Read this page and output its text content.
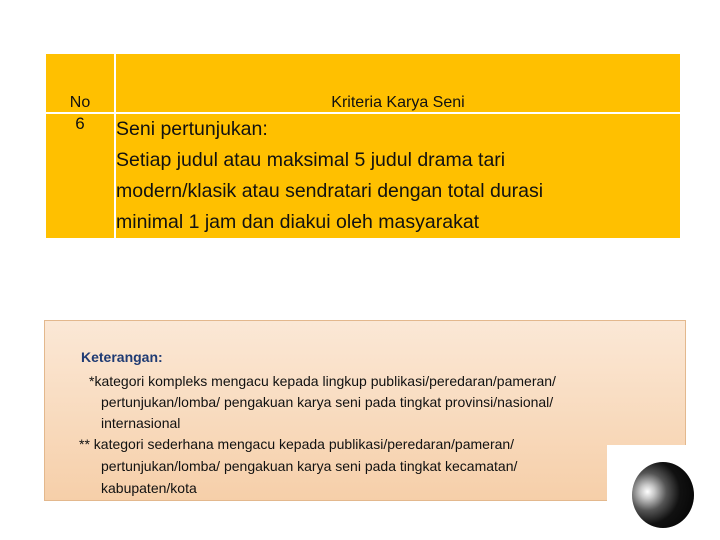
No	Kriteria Karya Seni
6	Seni pertunjukan:
Setiap judul atau maksimal 5 judul drama tari
modern/klasik atau sendratari dengan total durasi
minimal 1 jam dan diakui oleh masyarakat
Keterangan:
*kategori kompleks mengacu kepada lingkup publikasi/peredaran/pameran/
pertunjukan/lomba/ pengakuan karya seni pada tingkat provinsi/nasional/
internasional
** kategori sederhana mengacu kepada publikasi/peredaran/pameran/
pertunjukan/lomba/ pengakuan karya seni pada tingkat kecamatan/
kabupaten/kota
